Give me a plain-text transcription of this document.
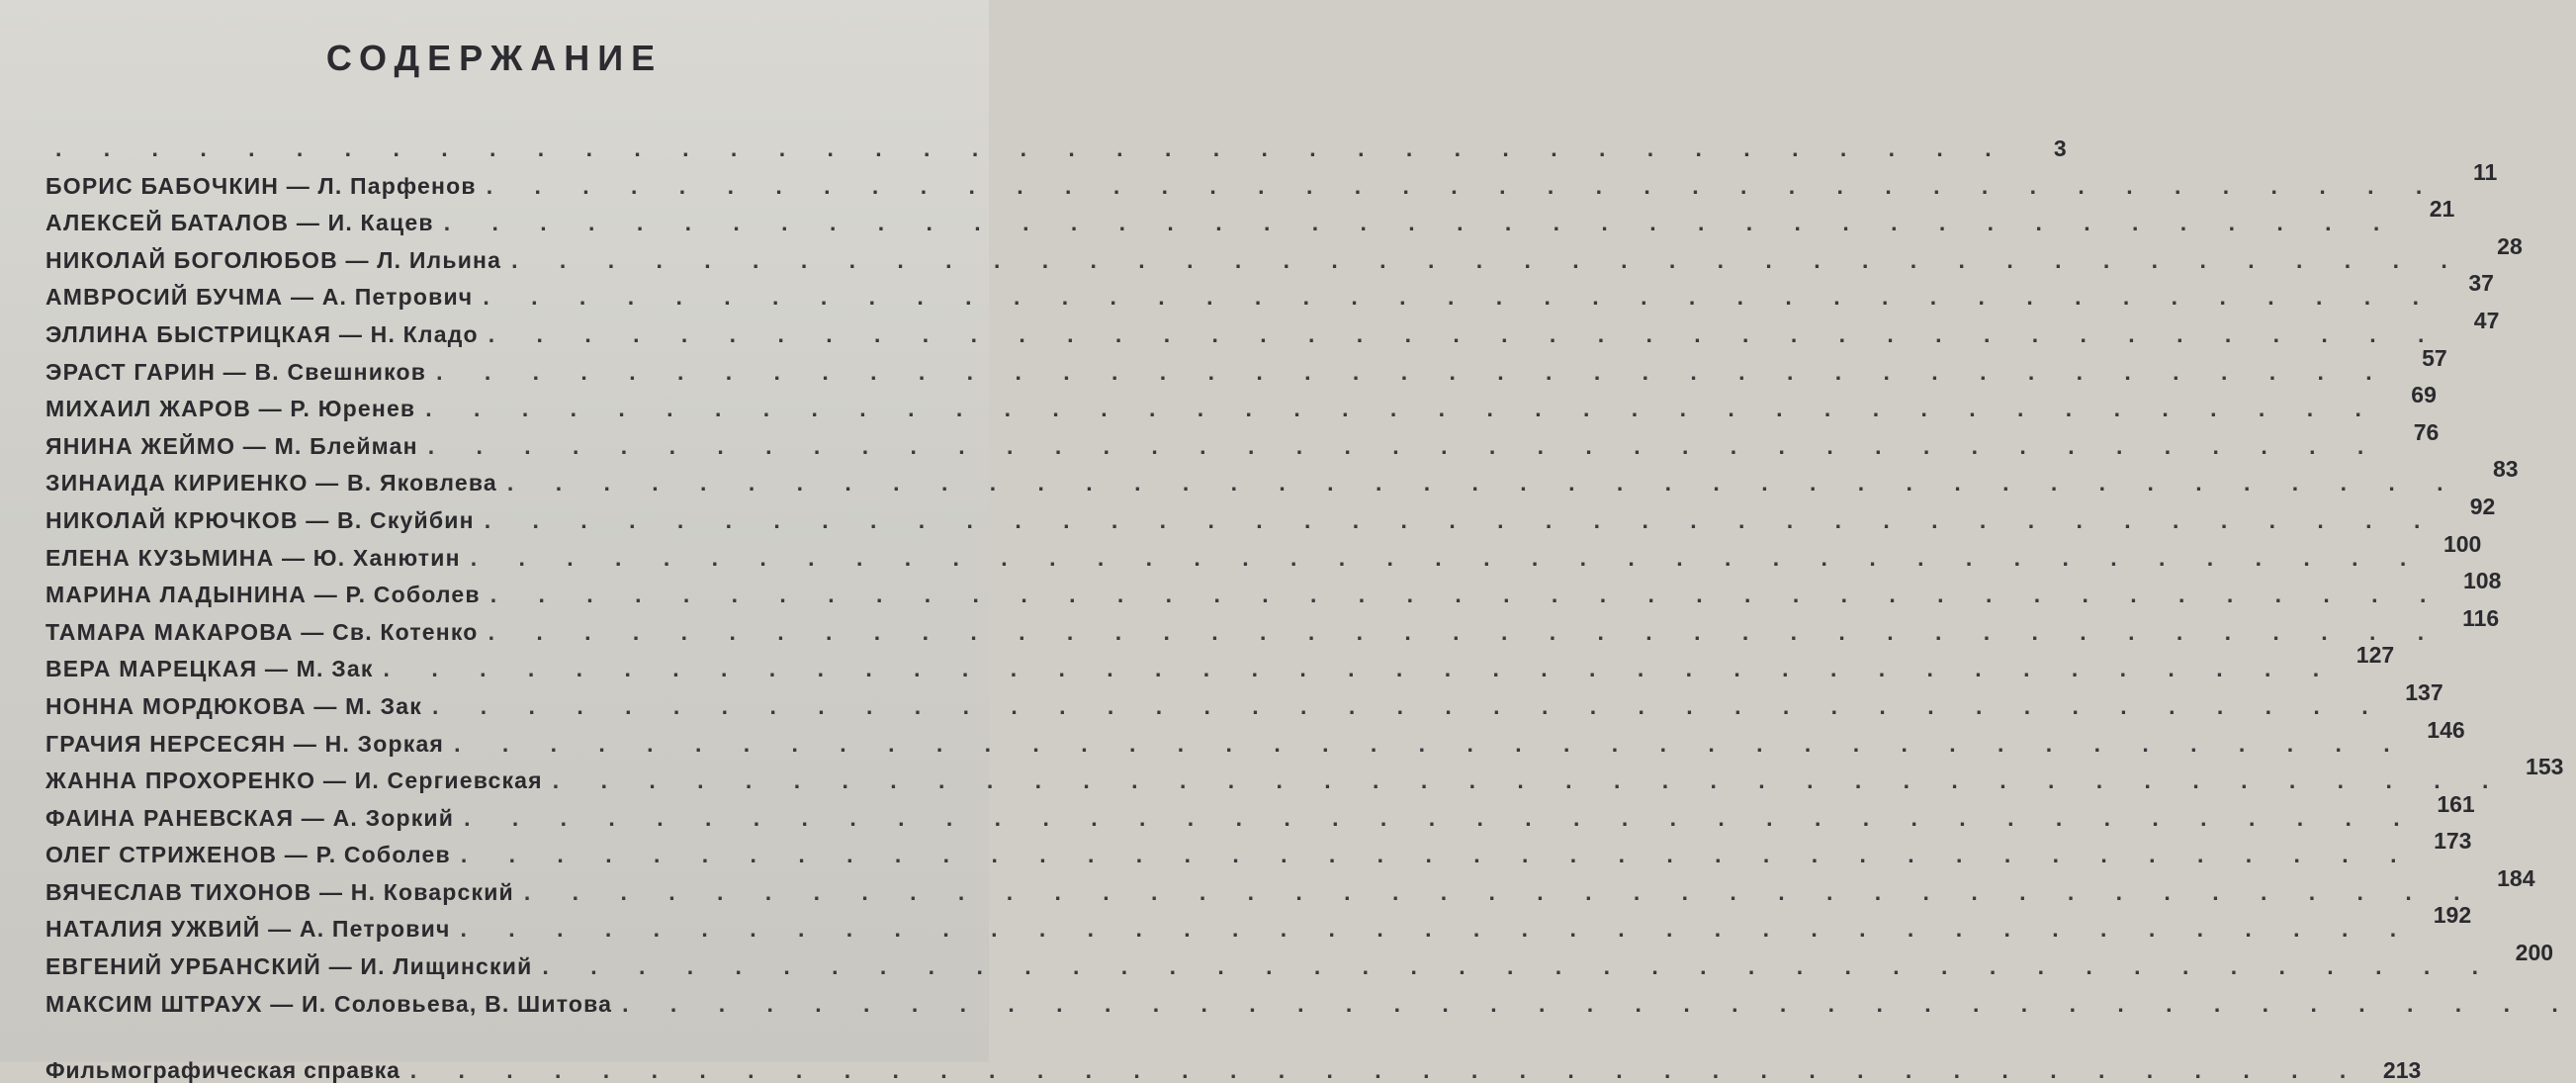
СОДЕРЖАНИЕ
. . . . . . . . . . . . . . . . . . . . . . . . . . . . . . . . . . . . . . . . .	3
БОРИС БАБОЧКИН — Л. Парфенов . . . . . . . . . . . . . . . . . . . . . . . . . . . . . . . . . . . . . . . . .
11
АЛЕКСЕЙ БАТАЛОВ — И. Кацев . . . . . . . . . . . . . . . . . . . . . . . . . . . . . . . . . . . . . . . . .
21
НИКОЛАЙ БОГОЛЮБОВ — Л. Ильина . . . . . . . . . . . . . . . . . . . . . . . . . . . . . . . . . . . . . . . . .
28
АМВРОСИЙ БУЧМА — А. Петрович . . . . . . . . . . . . . . . . . . . . . . . . . . . . . . . . . . . . . . . . .
37
ЭЛЛИНА БЫСТРИЦКАЯ — Н. Кладо . . . . . . . . . . . . . . . . . . . . . . . . . . . . . . . . . . . . . . . . .
47
ЭРАСТ ГАРИН — В. Свешников . . . . . . . . . . . . . . . . . . . . . . . . . . . . . . . . . . . . . . . . .
57
МИХАИЛ ЖАРОВ — Р. Юренев . . . . . . . . . . . . . . . . . . . . . . . . . . . . . . . . . . . . . . . . .
69
ЯНИНА ЖЕЙМО — М. Блейман . . . . . . . . . . . . . . . . . . . . . . . . . . . . . . . . . . . . . . . . .
76
ЗИНАИДА КИРИЕНКО — В. Яковлева . . . . . . . . . . . . . . . . . . . . . . . . . . . . . . . . . . . . . . . . .
83
НИКОЛАЙ КРЮЧКОВ — В. Скуйбин . . . . . . . . . . . . . . . . . . . . . . . . . . . . . . . . . . . . . . . . .
92
ЕЛЕНА КУЗЬМИНА — Ю. Ханютин . . . . . . . . . . . . . . . . . . . . . . . . . . . . . . . . . . . . . . . . .
100
МАРИНА ЛАДЫНИНА — Р. Соболев . . . . . . . . . . . . . . . . . . . . . . . . . . . . . . . . . . . . . . . . .
108
ТАМАРА МАКАРОВА — Св. Котенко . . . . . . . . . . . . . . . . . . . . . . . . . . . . . . . . . . . . . . . . .
116
ВЕРА МАРЕЦКАЯ — М. Зак . . . . . . . . . . . . . . . . . . . . . . . . . . . . . . . . . . . . . . . . .
127
НОННА МОРДЮКОВА — М. Зак . . . . . . . . . . . . . . . . . . . . . . . . . . . . . . . . . . . . . . . . .
137
ГРАЧИЯ НЕРСЕСЯН — Н. Зоркая . . . . . . . . . . . . . . . . . . . . . . . . . . . . . . . . . . . . . . . . .
146
ЖАННА ПРОХОРЕНКО — И. Сергиевская . . . . . . . . . . . . . . . . . . . . . . . . . . . . . . . . . . . . . . . . .
153
ФАИНА РАНЕВСКАЯ — А. Зоркий . . . . . . . . . . . . . . . . . . . . . . . . . . . . . . . . . . . . . . . . .
161
ОЛЕГ СТРИЖЕНОВ — Р. Соболев . . . . . . . . . . . . . . . . . . . . . . . . . . . . . . . . . . . . . . . . .
173
ВЯЧЕСЛАВ ТИХОНОВ — Н. Коварский . . . . . . . . . . . . . . . . . . . . . . . . . . . . . . . . . . . . . . . . .
184
НАТАЛИЯ УЖВИЙ — А. Петрович . . . . . . . . . . . . . . . . . . . . . . . . . . . . . . . . . . . . . . . . .
192
ЕВГЕНИЙ УРБАНСКИЙ — И. Лищинский . . . . . . . . . . . . . . . . . . . . . . . . . . . . . . . . . . . . . . . . .
200
МАКСИМ ШТРАУХ — И. Соловьева, В. Шитова . . . . . . . . . . . . . . . . . . . . . . . . . . . . . . . . . . . . . . . . .
Фильмографическая справка . . . . . . . . . . . . . . . . . . . . . . . . . . . . . . . . . . . . . . . . . 213
